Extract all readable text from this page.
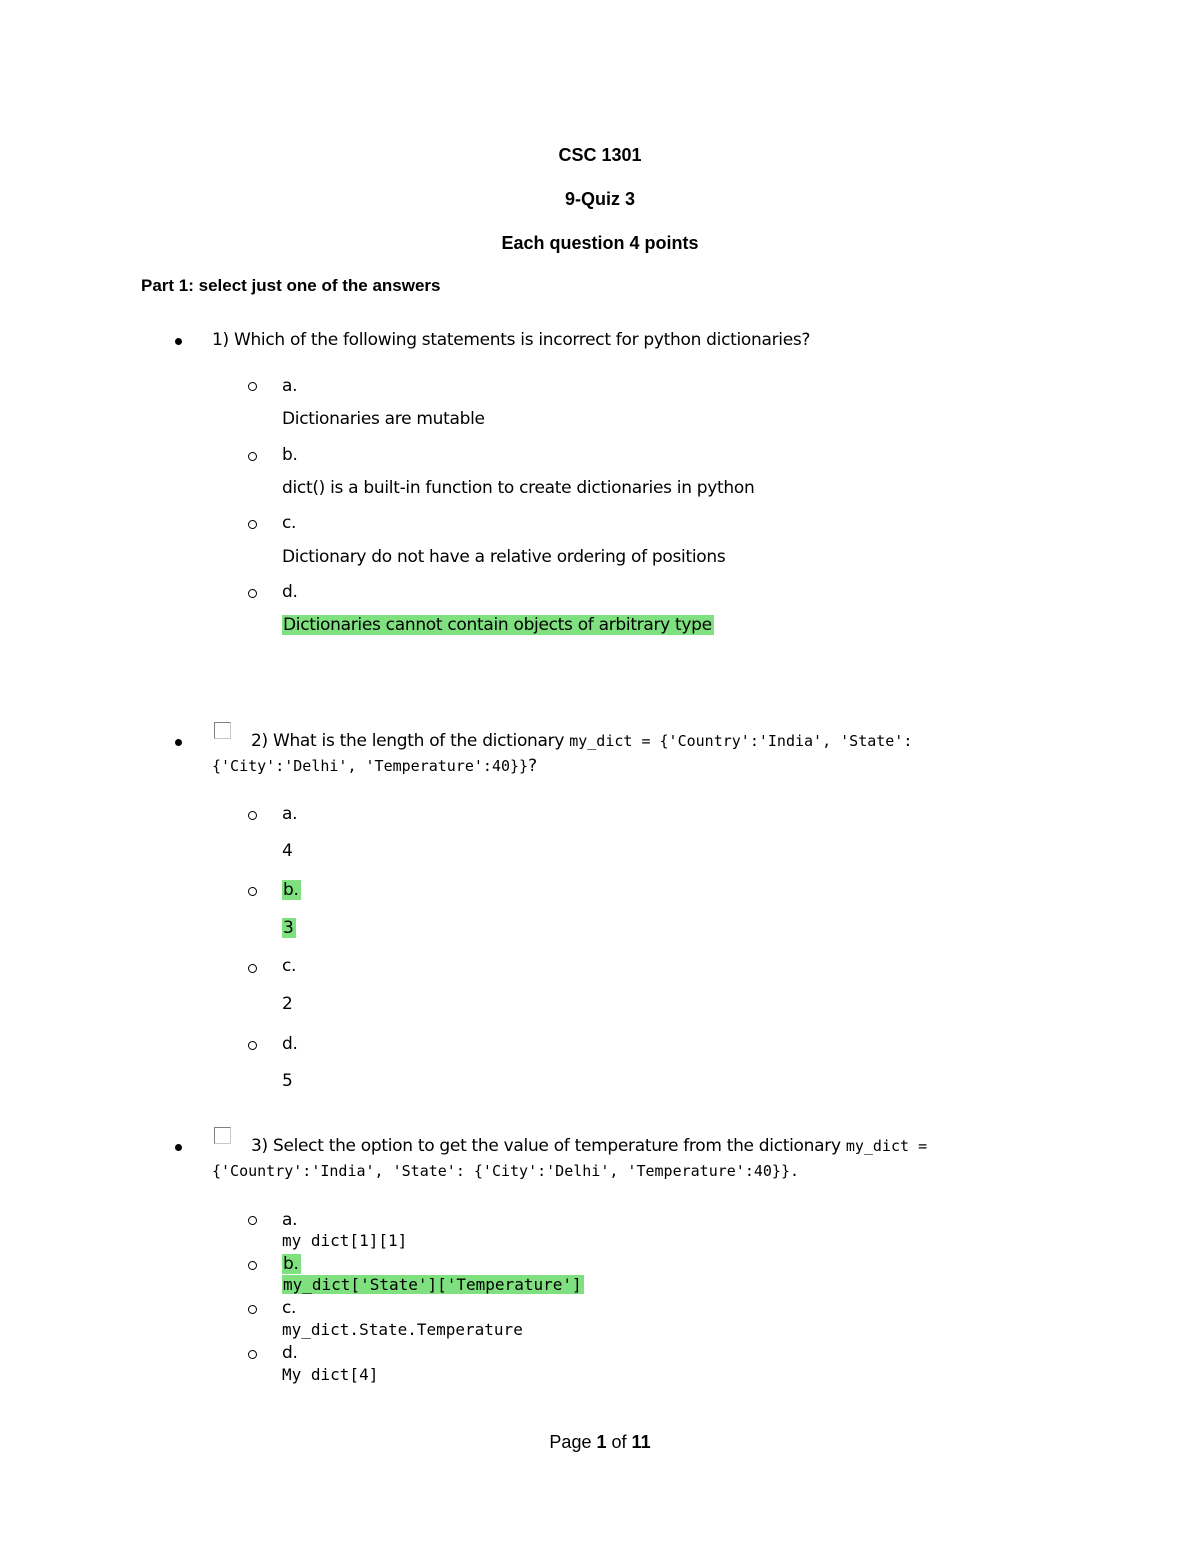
CSC 1301
9-Quiz 3
Each question 4 points
Part 1: select just one of the answers
1) Which of the following statements is incorrect for python dictionaries?
a.
Dictionaries are mutable
b.
dict() is a built-in function to create dictionaries in python
c.
Dictionary do not have a relative ordering of positions
d.
Dictionaries cannot contain objects of arbitrary type
2) What is the length of the dictionary my_dict = {'Country':'India', 'State':
{'City':'Delhi', 'Temperature':40}}?
a.
4
b.
3
c.
2
d.
5
3) Select the option to get the value of temperature from the dictionary my_dict =
{'Country':'India', 'State': {'City':'Delhi', 'Temperature':40}}.
a.
my dict[1][1]
b.
my_dict['State']['Temperature']
c.
my_dict.State.Temperature
d.
My dict[4]
Page 1 of 11
